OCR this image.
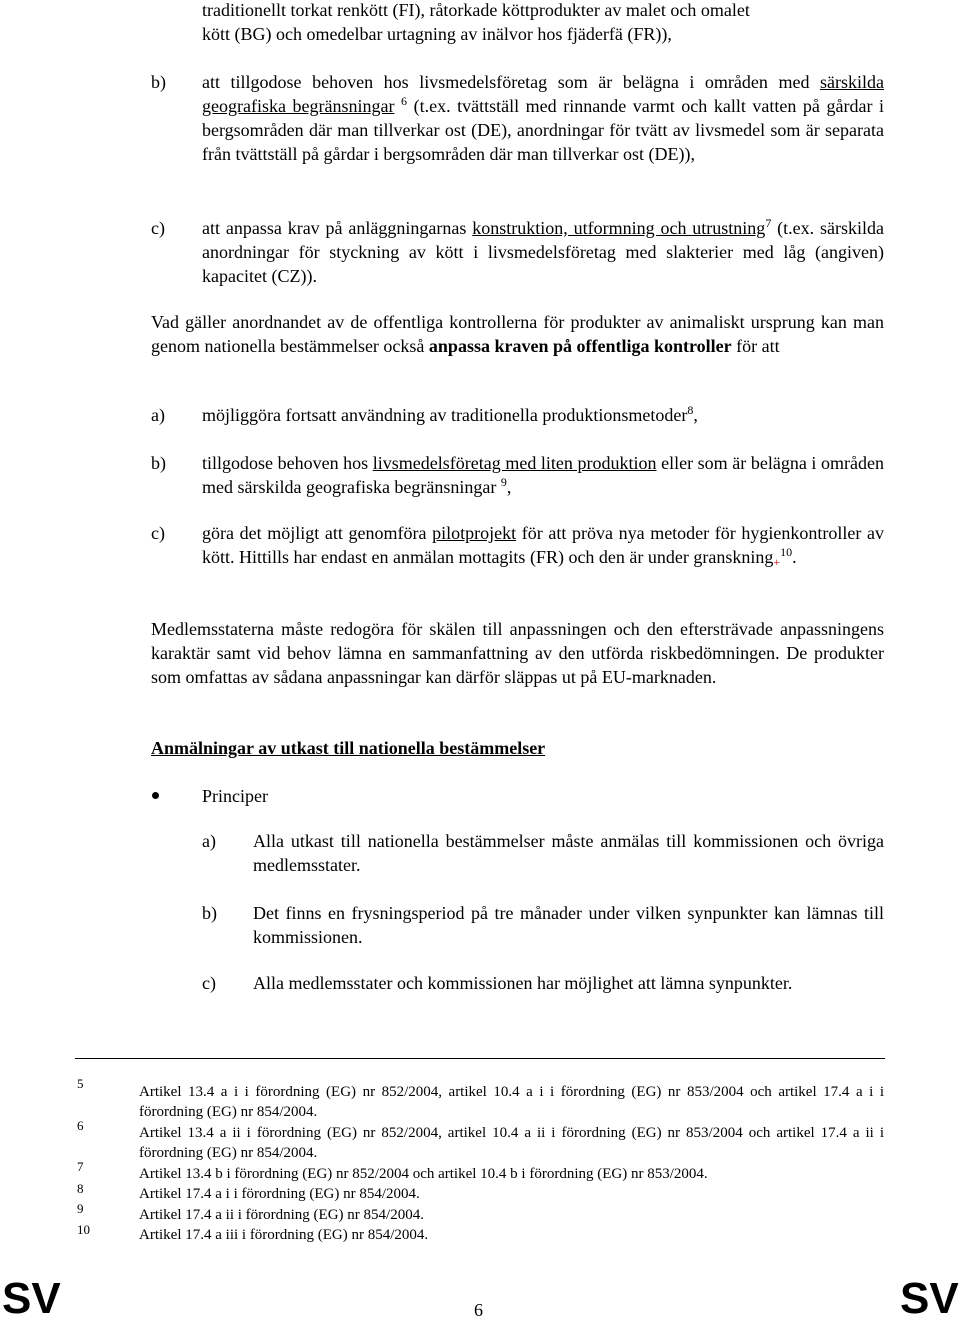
traditionellt torkat renkött (FI), råtorkade köttprodukter av malet och omalet
kött (BG) och omedelbar urtagning av inälvor hos fjäderfä (FR)),
b) att tillgodose behoven hos livsmedelsföretag som är belägna i områden med särskilda geografiska begränsningar $^6$ (t.ex. tvättställ med rinnande varmt och kallt vatten på gårdar i bergsområden där man tillverkar ost (DE), anordningar för tvätt av livsmedel som är separata från tvättställ på gårdar i bergsområden där man tillverkar ost (DE)),
c) att anpassa krav på anläggningarnas konstruktion, utformning och utrustning$^7$ (t.ex. särskilda anordningar för styckning av kött i livsmedelsföretag med slakterier med låg (angiven) kapacitet (CZ)).
Vad gäller anordnandet av de offentliga kontrollerna för produkter av animaliskt ursprung kan man genom nationella bestämmelser också anpassa kraven på offentliga kontroller för att
a) möjliggöra fortsatt användning av traditionella produktionsmetoder$^8$,
b) tillgodose behoven hos livsmedelsföretag med liten produktion eller som är belägna i områden med särskilda geografiska begränsningar $^9$,
c) göra det möjligt att genomföra pilotprojekt för att pröva nya metoder för hygienkontroller av kött. Hittills har endast en anmälan mottagits (FR) och den är under granskning+$^{10}$.
Medlemsstaterna måste redogöra för skälen till anpassningen och den eftersträvade anpassningens karaktär samt vid behov lämna en sammanfattning av den utfördа riskbedömningen. De produkter som omfattas av sådana anpassningar kan därför släppas ut på EU-marknaden.
Anmälningar av utkast till nationella bestämmelser
Principer
a) Alla utkast till nationella bestämmelser måste anmälas till kommissionen och övriga medlemsstater.
b) Det finns en frysningsperiod på tre månader under vilken synpunkter kan lämnas till kommissionen.
c) Alla medlemsstater och kommissionen har möjlighet att lämna synpunkter.
5
Artikel 13.4 a i i förordning (EG) nr 852/2004, artikel 10.4 a i i förordning (EG) nr 853/2004 och artikel 17.4 a i i förordning (EG) nr 854/2004.
6	Artikel 13.4 a ii i förordning (EG) nr 852/2004, artikel 10.4 a ii i förordning (EG) nr 853/2004 och artikel 17.4 a ii i förordning (EG) nr 854/2004.
7	Artikel 13.4 b i förordning (EG) nr 852/2004 och artikel 10.4 b i förordning (EG) nr 853/2004.
8	Artikel 17.4 a i i förordning (EG) nr 854/2004.
9	Artikel 17.4 a ii i förordning (EG) nr 854/2004.
10	Artikel 17.4 a iii i förordning (EG) nr 854/2004.
SV	6	SV
